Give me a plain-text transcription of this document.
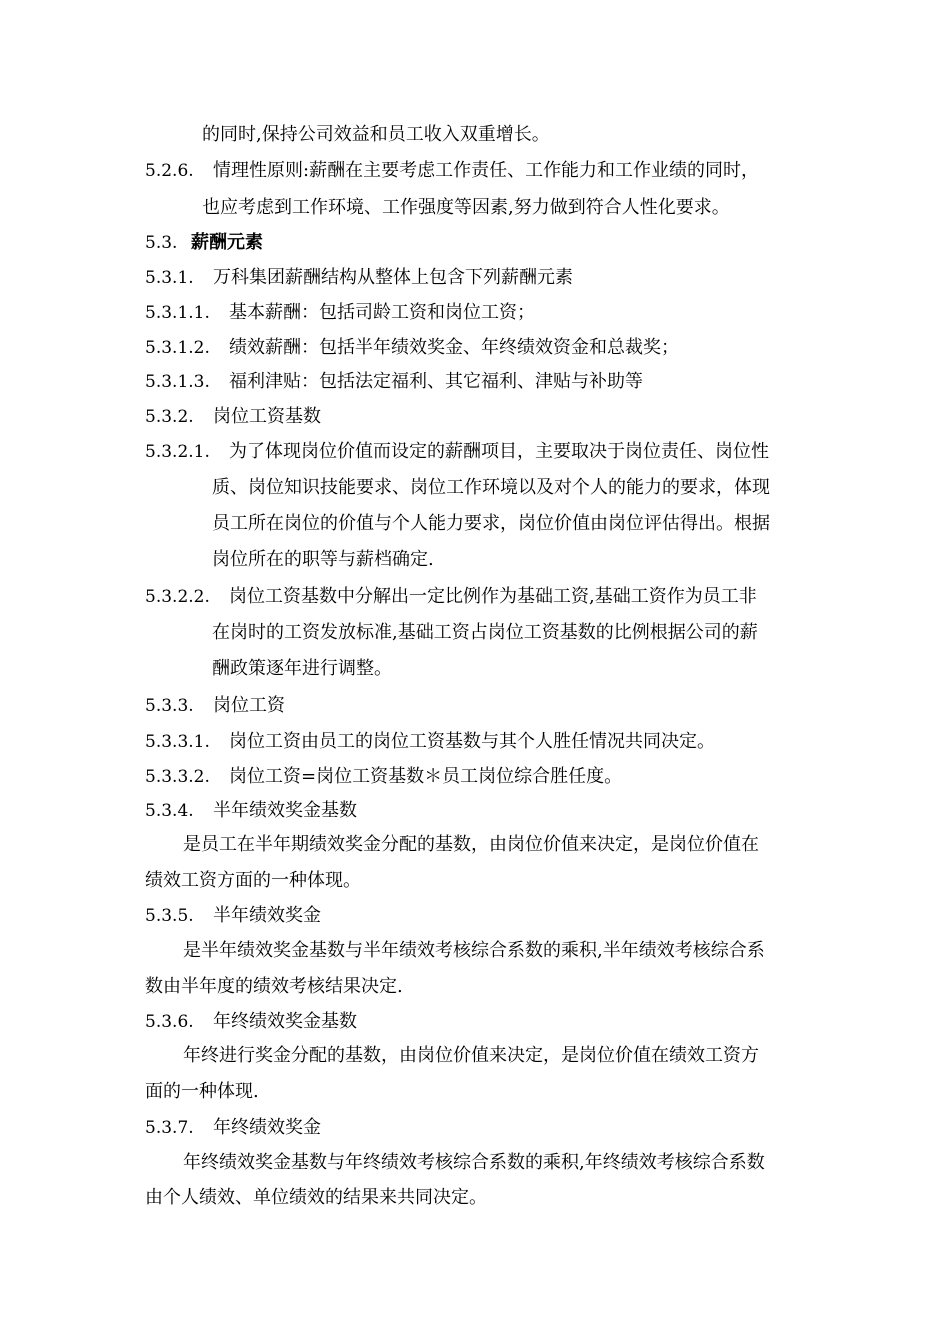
的同时,保持公司效益和员工收入双重增长。
5.2.6. 情理性原则:薪酬在主要考虑工作责任、工作能力和工作业绩的同时，
也应考虑到工作环境、工作强度等因素,努力做到符合人性化要求。
5.3. 薪酬元素
5.3.1. 万科集团薪酬结构从整体上包含下列薪酬元素
5.3.1.1. 基本薪酬：包括司龄工资和岗位工资；
5.3.1.2. 绩效薪酬：包括半年绩效奖金、年终绩效资金和总裁奖；
5.3.1.3. 福利津贴：包括法定福利、其它福利、津贴与补助等
5.3.2. 岗位工资基数
5.3.2.1. 为了体现岗位价值而设定的薪酬项目，主要取决于岗位责任、岗位性
质、岗位知识技能要求、岗位工作环境以及对个人的能力的要求，体现
员工所在岗位的价值与个人能力要求，岗位价值由岗位评估得出。根据
岗位所在的职等与薪档确定.
5.3.2.2. 岗位工资基数中分解出一定比例作为基础工资,基础工资作为员工非
在岗时的工资发放标准,基础工资占岗位工资基数的比例根据公司的薪
酬政策逐年进行调整。
5.3.3. 岗位工资
5.3.3.1. 岗位工资由员工的岗位工资基数与其个人胜任情况共同决定。
5.3.3.2. 岗位工资=岗位工资基数＊员工岗位综合胜任度。
5.3.4. 半年绩效奖金基数
是员工在半年期绩效奖金分配的基数，由岗位价值来决定，是岗位价值在
绩效工资方面的一种体现。
5.3.5. 半年绩效奖金
是半年绩效奖金基数与半年绩效考核综合系数的乘积,半年绩效考核综合系
数由半年度的绩效考核结果决定.
5.3.6. 年终绩效奖金基数
年终进行奖金分配的基数，由岗位价值来决定，是岗位价值在绩效工资方
面的一种体现.
5.3.7. 年终绩效奖金
年终绩效奖金基数与年终绩效考核综合系数的乘积,年终绩效考核综合系数
由个人绩效、单位绩效的结果来共同决定。
